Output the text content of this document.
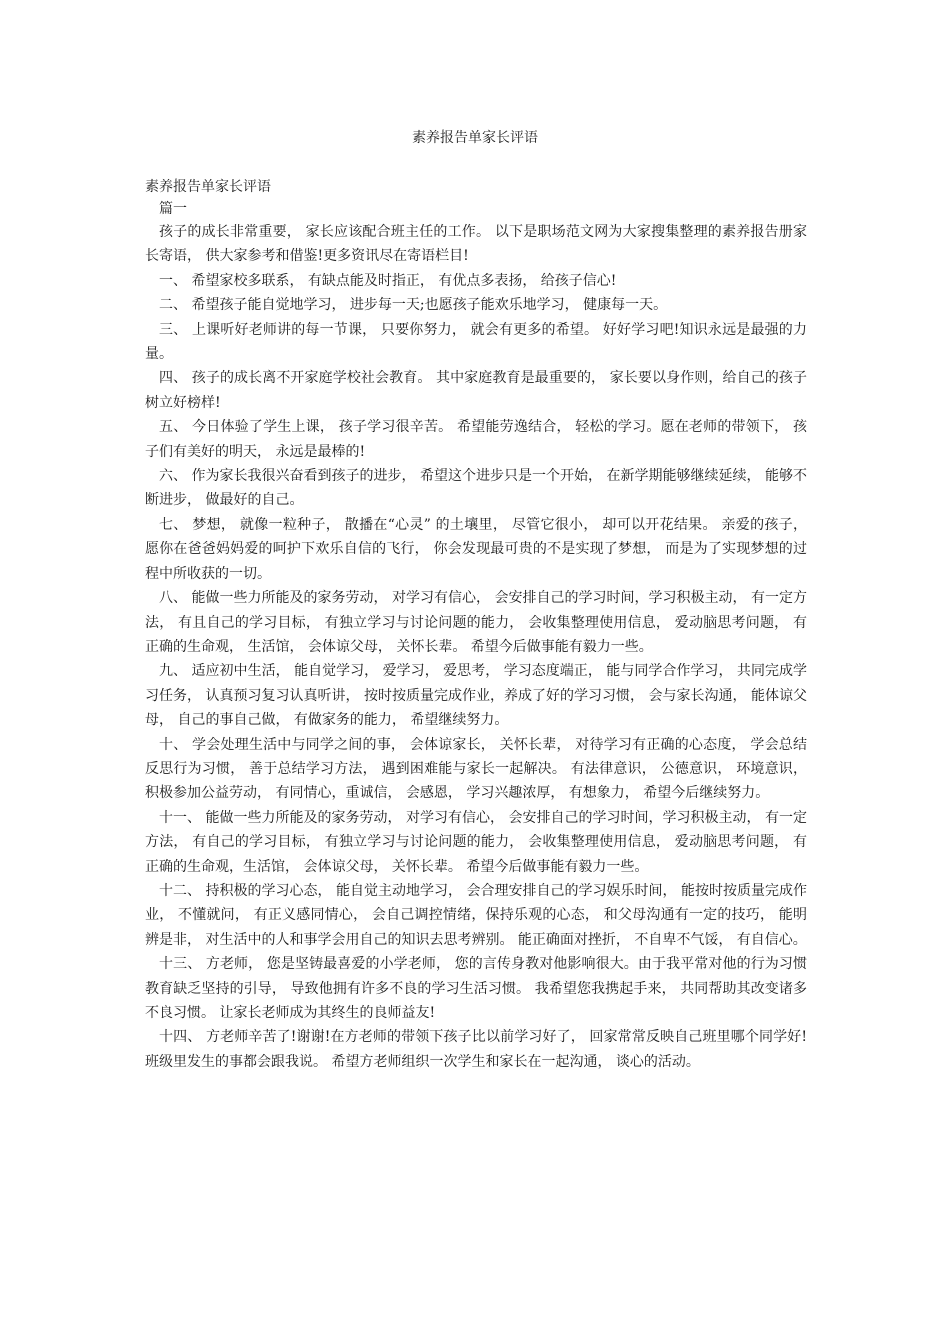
素养报告单家长评语

素养报告单家长评语

篇一

孩子的成长非常重要， 家长应该配合班主任的工作。 以下是职场范文网为大家搜集整理的素养报告册家长寄语， 供大家参考和借鉴!更多资讯尽在寄语栏目!

一、 希望家校多联系， 有缺点能及时指正， 有优点多表扬， 给孩子信心!

二、 希望孩子能自觉地学习， 进步每一天;也愿孩子能欢乐地学习， 健康每一天。

三、 上课听好老师讲的每一节课， 只要你努力， 就会有更多的希望。 好好学习吧!知识永远是最强的力量。

四、 孩子的成长离不开家庭学校社会教育。 其中家庭教育是最重要的， 家长要以身作则，给自己的孩子树立好榜样!

五、 今日体验了学生上课， 孩子学习很辛苦。 希望能劳逸结合， 轻松的学习。愿在老师的带领下， 孩子们有美好的明天， 永远是最棒的!

六、 作为家长我很兴奋看到孩子的进步， 希望这个进步只是一个开始， 在新学期能够继续延续， 能够不断进步， 做最好的自己。

七、 梦想， 就像一粒种子， 散播在“心灵” 的土壤里， 尽管它很小， 却可以开花结果。 亲爱的孩子， 愿你在爸爸妈妈爱的呵护下欢乐自信的飞行， 你会发现最可贵的不是实现了梦想， 而是为了实现梦想的过程中所收获的一切。

八、 能做一些力所能及的家务劳动， 对学习有信心， 会安排自己的学习时间，学习积极主动， 有一定方法， 有且自己的学习目标， 有独立学习与讨论问题的能力， 会收集整理使用信息， 爱动脑思考问题， 有正确的生命观， 生活馆， 会体谅父母， 关怀长辈。 希望今后做事能有毅力一些。

九、 适应初中生活， 能自觉学习， 爱学习， 爱思考， 学习态度端正， 能与同学合作学习， 共同完成学习任务， 认真预习复习认真听讲， 按时按质量完成作业，养成了好的学习习惯， 会与家长沟通， 能体谅父母， 自己的事自己做， 有做家务的能力， 希望继续努力。

十、 学会处理生活中与同学之间的事， 会体谅家长， 关怀长辈， 对待学习有正确的心态度， 学会总结反思行为习惯， 善于总结学习方法， 遇到困难能与家长一起解决。 有法律意识， 公德意识， 环境意识， 积极参加公益劳动， 有同情心，重诚信， 会感恩， 学习兴趣浓厚， 有想象力， 希望今后继续努力。

十一、 能做一些力所能及的家务劳动， 对学习有信心， 会安排自己的学习时间，学习积极主动， 有一定方法， 有自己的学习目标， 有独立学习与讨论问题的能力， 会收集整理使用信息， 爱动脑思考问题， 有正确的生命观，生活馆， 会体谅父母， 关怀长辈。 希望今后做事能有毅力一些。

十二、 持积极的学习心态， 能自觉主动地学习， 会合理安排自己的学习娱乐时间， 能按时按质量完成作业， 不懂就问， 有正义感同情心， 会自己调控情绪，保持乐观的心态， 和父母沟通有一定的技巧， 能明辨是非， 对生活中的人和事学会用自己的知识去思考辨别。 能正确面对挫折， 不自卑不气馁， 有自信心。

十三、 方老师， 您是坚铸最喜爱的小学老师， 您的言传身教对他影响很大。由于我平常对他的行为习惯教育缺乏坚持的引导， 导致他拥有许多不良的学习生活习惯。 我希望您我携起手来， 共同帮助其改变诸多不良习惯。 让家长老师成为其终生的良师益友!

十四、 方老师辛苦了!谢谢!在方老师的带领下孩子比以前学习好了， 回家常常反映自己班里哪个同学好!班级里发生的事都会跟我说。 希望方老师组织一次学生和家长在一起沟通， 谈心的活动。
